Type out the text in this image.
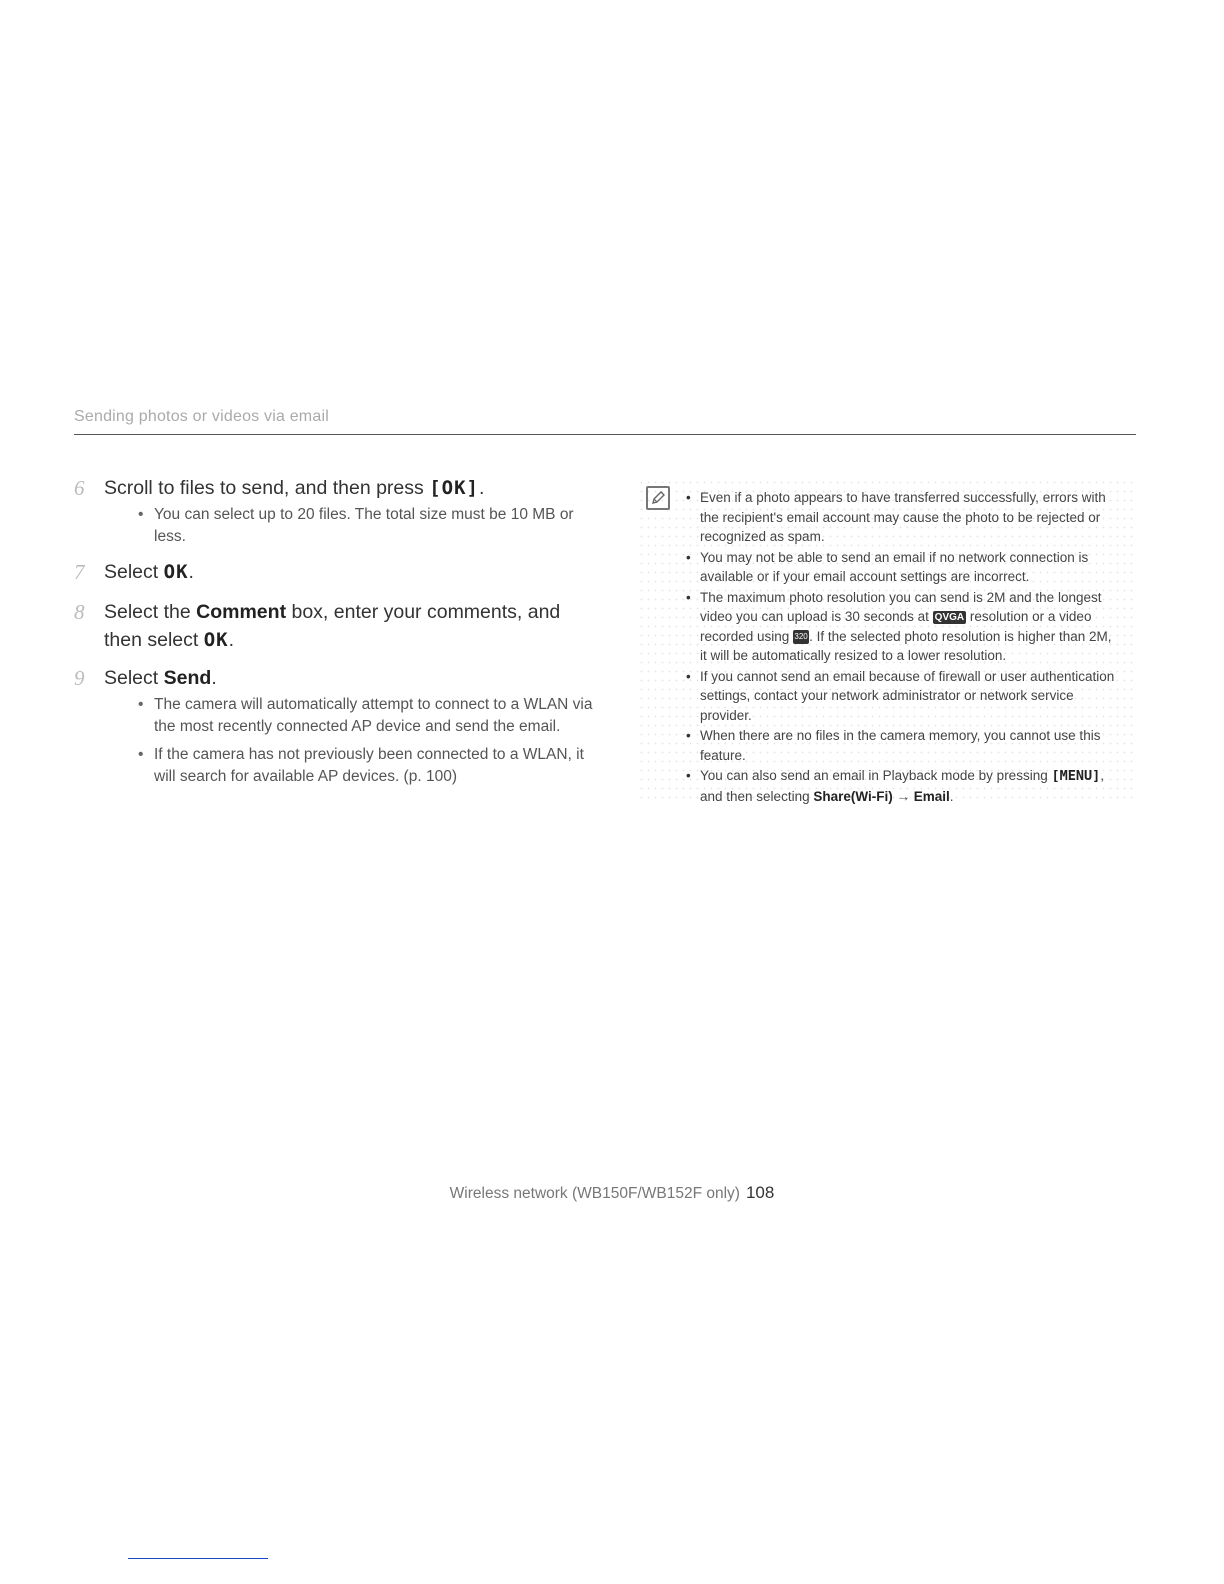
Sending photos or videos via email
6 Scroll to files to send, and then press [OK].
• You can select up to 20 files. The total size must be 10 MB or less.
7 Select OK.
8 Select the Comment box, enter your comments, and then select OK.
9 Select Send.
• The camera will automatically attempt to connect to a WLAN via the most recently connected AP device and send the email.
• If the camera has not previously been connected to a WLAN, it will search for available AP devices. (p. 100)
• Even if a photo appears to have transferred successfully, errors with the recipient's email account may cause the photo to be rejected or recognized as spam.
• You may not be able to send an email if no network connection is available or if your email account settings are incorrect.
• The maximum photo resolution you can send is 2M and the longest video you can upload is 30 seconds at QVGA resolution or a video recorded using 320. If the selected photo resolution is higher than 2M, it will be automatically resized to a lower resolution.
• If you cannot send an email because of firewall or user authentication settings, contact your network administrator or network service provider.
• When there are no files in the camera memory, you cannot use this feature.
• You can also send an email in Playback mode by pressing [MENU], and then selecting Share(Wi-Fi) → Email.
Wireless network (WB150F/WB152F only) 108
